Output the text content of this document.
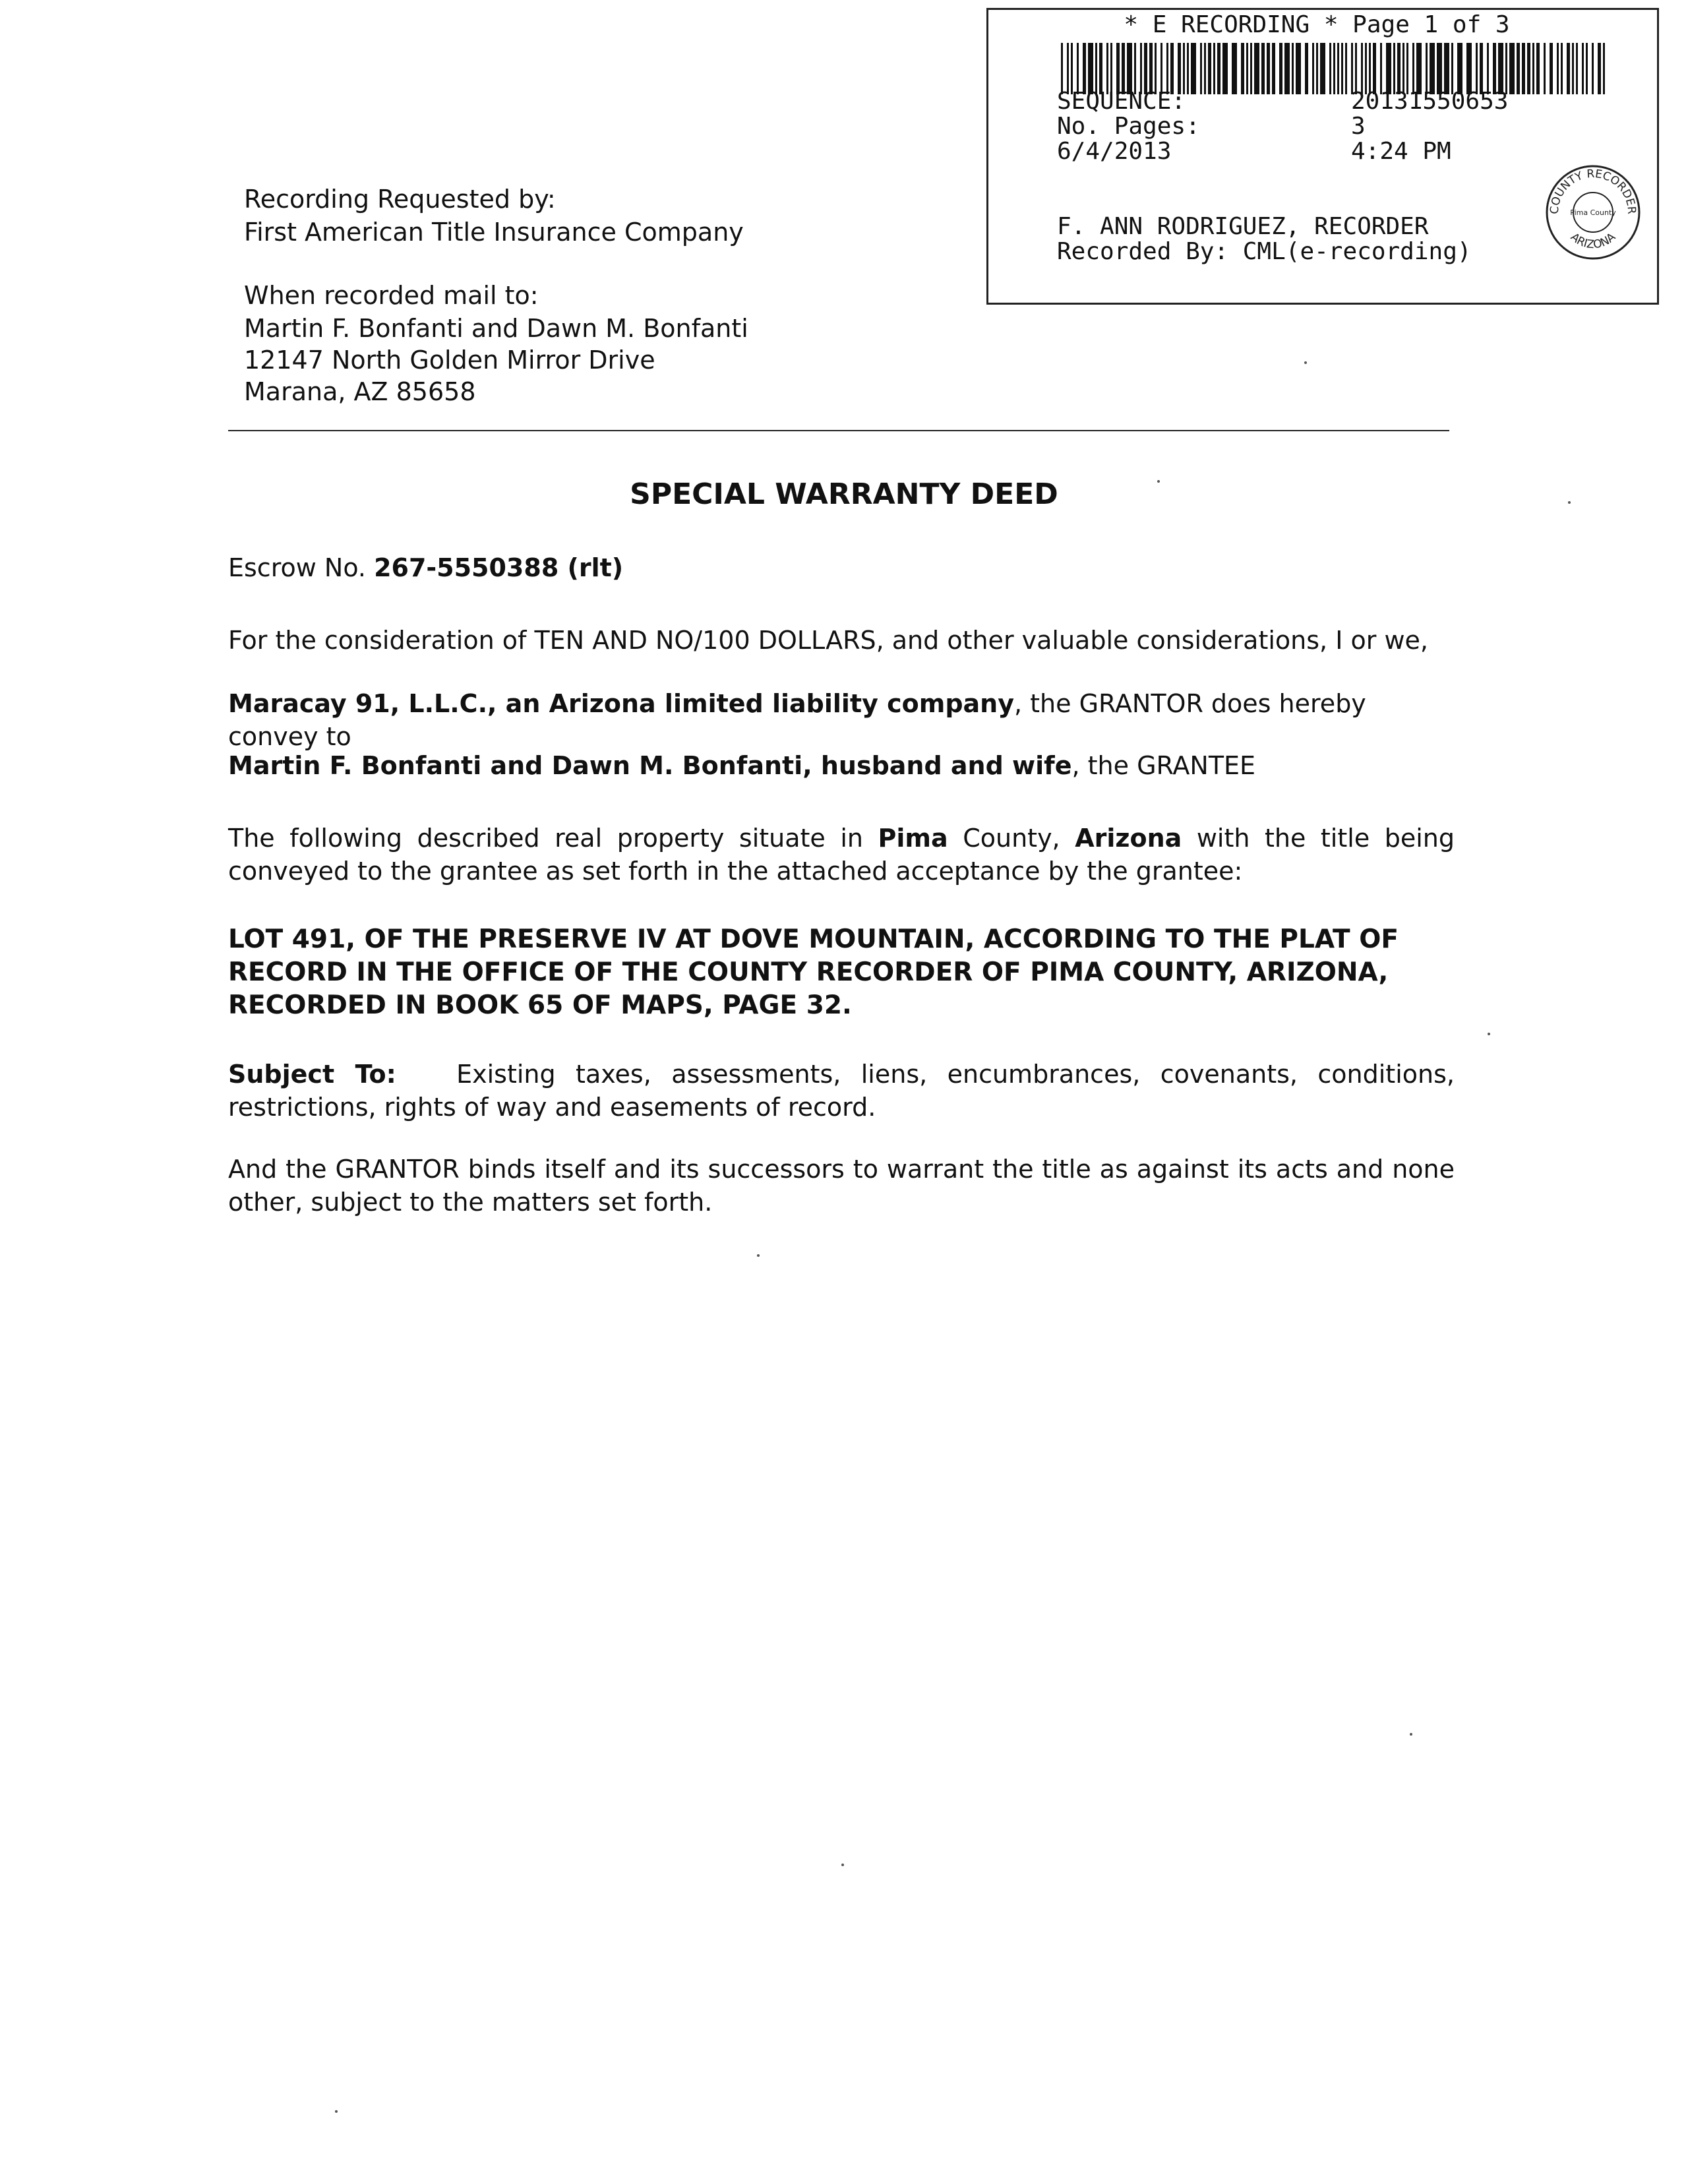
* E RECORDING * Page 1 of 3
SEQUENCE:	20131550653
No. Pages:	3
6/4/2013	4:24 PM
F. ANN RODRIGUEZ, RECORDER
Recorded By: CML(e-recording)
COUNTY RECORDER
ARIZONA
Pima County
Recording Requested by:
First American Title Insurance Company
When recorded mail to:
Martin F. Bonfanti and Dawn M. Bonfanti
12147 North Golden Mirror Drive
Marana, AZ 85658
SPECIAL WARRANTY DEED
Escrow No. 267-5550388 (rlt)
For the consideration of TEN AND NO/100 DOLLARS, and other valuable considerations, I or we,
Maracay 91, L.L.C., an Arizona limited liability company, the GRANTOR does hereby convey to
Martin F. Bonfanti and Dawn M. Bonfanti, husband and wife, the GRANTEE
The following described real property situate in Pima County, Arizona with the title being conveyed to the grantee as set forth in the attached acceptance by the grantee:
LOT 491, OF THE PRESERVE IV AT DOVE MOUNTAIN, ACCORDING TO THE PLAT OF RECORD IN THE OFFICE OF THE COUNTY RECORDER OF PIMA COUNTY, ARIZONA, RECORDED IN BOOK 65 OF MAPS, PAGE 32.
Subject To: Existing taxes, assessments, liens, encumbrances, covenants, conditions, restrictions, rights of way and easements of record.
And the GRANTOR binds itself and its successors to warrant the title as against its acts and none other, subject to the matters set forth.
